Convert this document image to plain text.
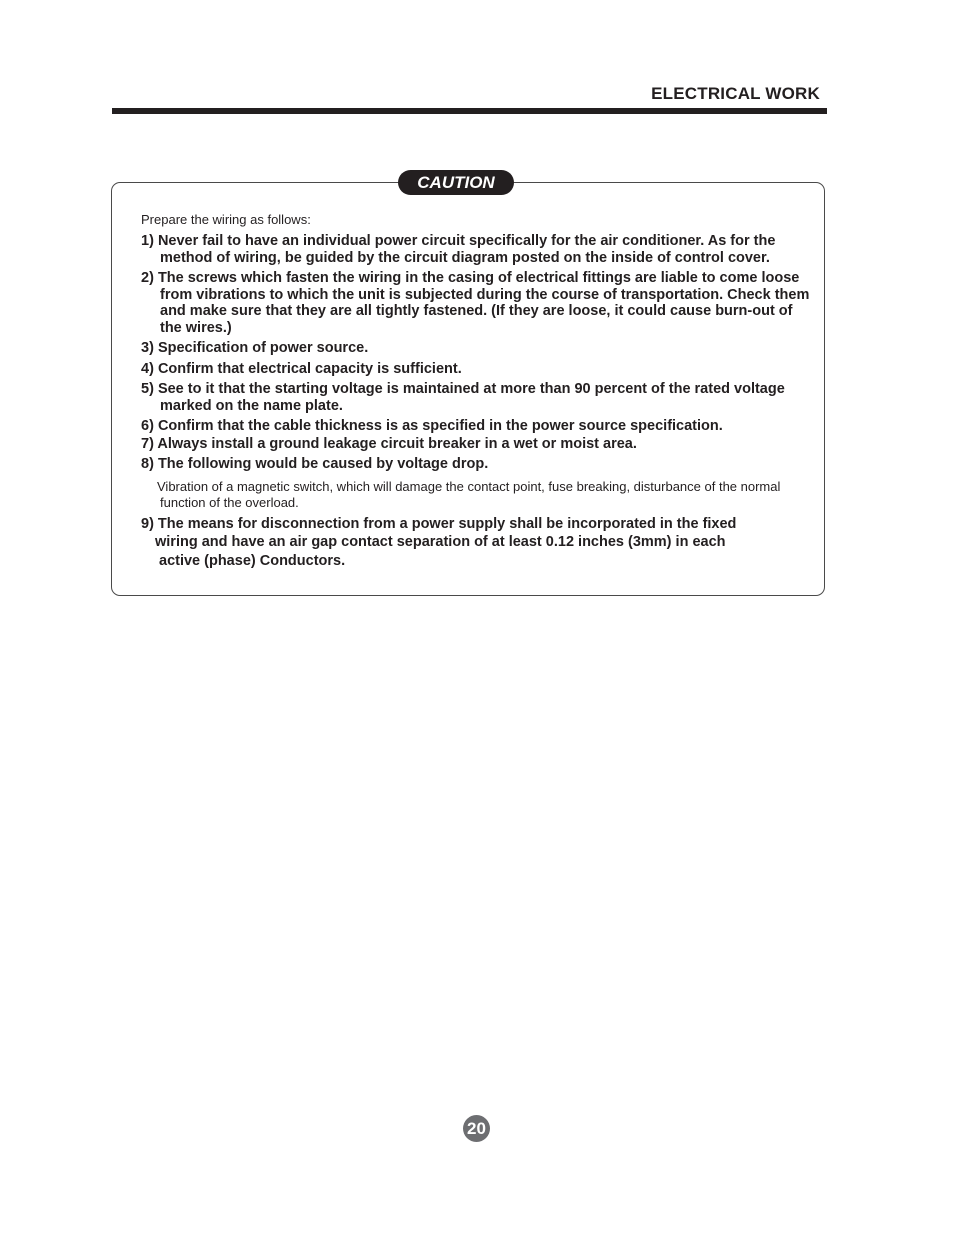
ELECTRICAL WORK
CAUTION

Prepare the wiring as follows:

1) Never fail to have an individual power circuit specifically for the air conditioner. As for the method of wiring, be guided by the circuit diagram posted on the inside of control cover.

2) The screws which fasten the wiring in the casing of electrical fittings are liable to come loose from vibrations to which the unit is subjected during the course of transportation. Check them and make sure that they are all tightly fastened. (If they are loose, it could cause burn-out of the wires.)

3) Specification of power source.

4) Confirm that electrical capacity is sufficient.

5) See to it that the starting voltage is maintained at more than 90 percent of the rated voltage marked on the name plate.

6) Confirm that the cable thickness is as specified in the power source specification.

7) Always install a ground leakage circuit breaker in a wet or moist area.

8) The following would be caused by voltage drop.

Vibration of a magnetic switch, which will damage the contact point, fuse breaking, disturbance of the normal function of the overload.

9) The means for disconnection from a power supply shall be incorporated in the fixed
wiring and have an air gap contact separation of at least 0.12 inches (3mm) in each
active (phase) Conductors.

20
